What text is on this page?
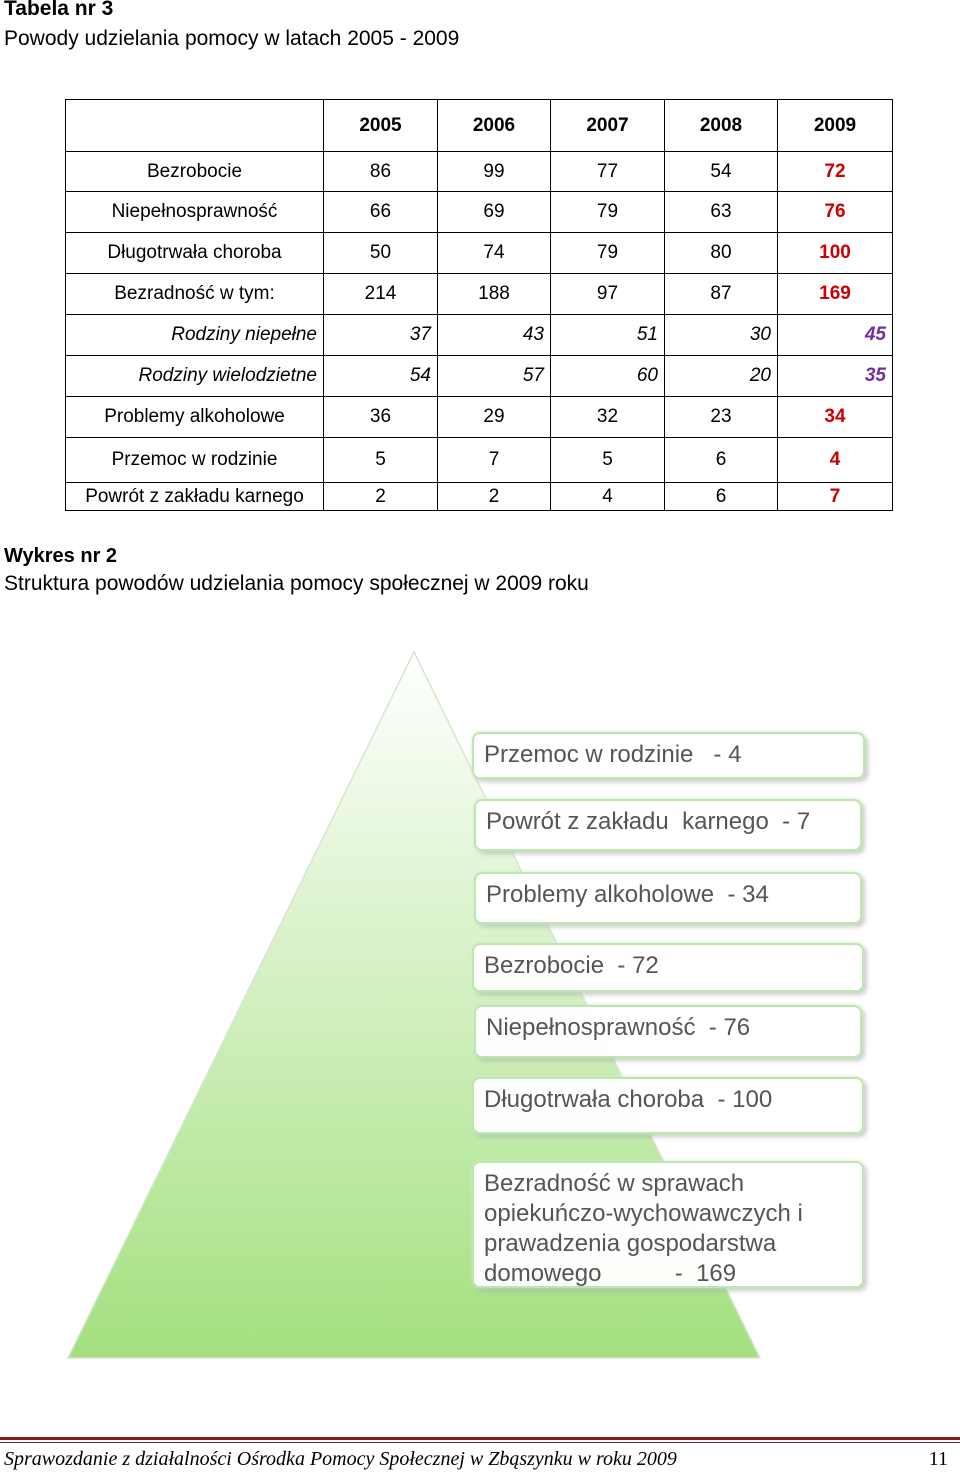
Tabela nr 3
Powody udzielania pomocy w latach 2005 - 2009
	2005	2006	2007	2008	2009
Bezrobocie	86	99	77	54	72
Niepełnosprawność	66	69	79	63	76
Długotrwała choroba	50	74	79	80	100
Bezradność w tym:	214	188	97	87	169
Rodziny niepełne	37	43	51	30	45
Rodziny wielodzietne	54	57	60	20	35
Problemy alkoholowe	36	29	32	23	34
Przemoc w rodzinie	5	7	5	6	4
Powrót z zakładu karnego	2	2	4	6	7
Wykres nr 2
Struktura powodów udzielania pomocy społecznej w 2009 roku
Przemoc w rodzinie   - 4
Powrót z zakładu  karnego  - 7
Problemy alkoholowe  - 34
Bezrobocie  - 72
Niepełnosprawność  - 76
Długotrwała choroba  - 100
Bezradność w sprawach
opiekuńczo-wychowawczych i
prawadzenia gospodarstwa
domowego           -  169
Sprawozdanie z działalności Ośrodka Pomocy Społecznej w Zbąszynku w roku 2009	11
